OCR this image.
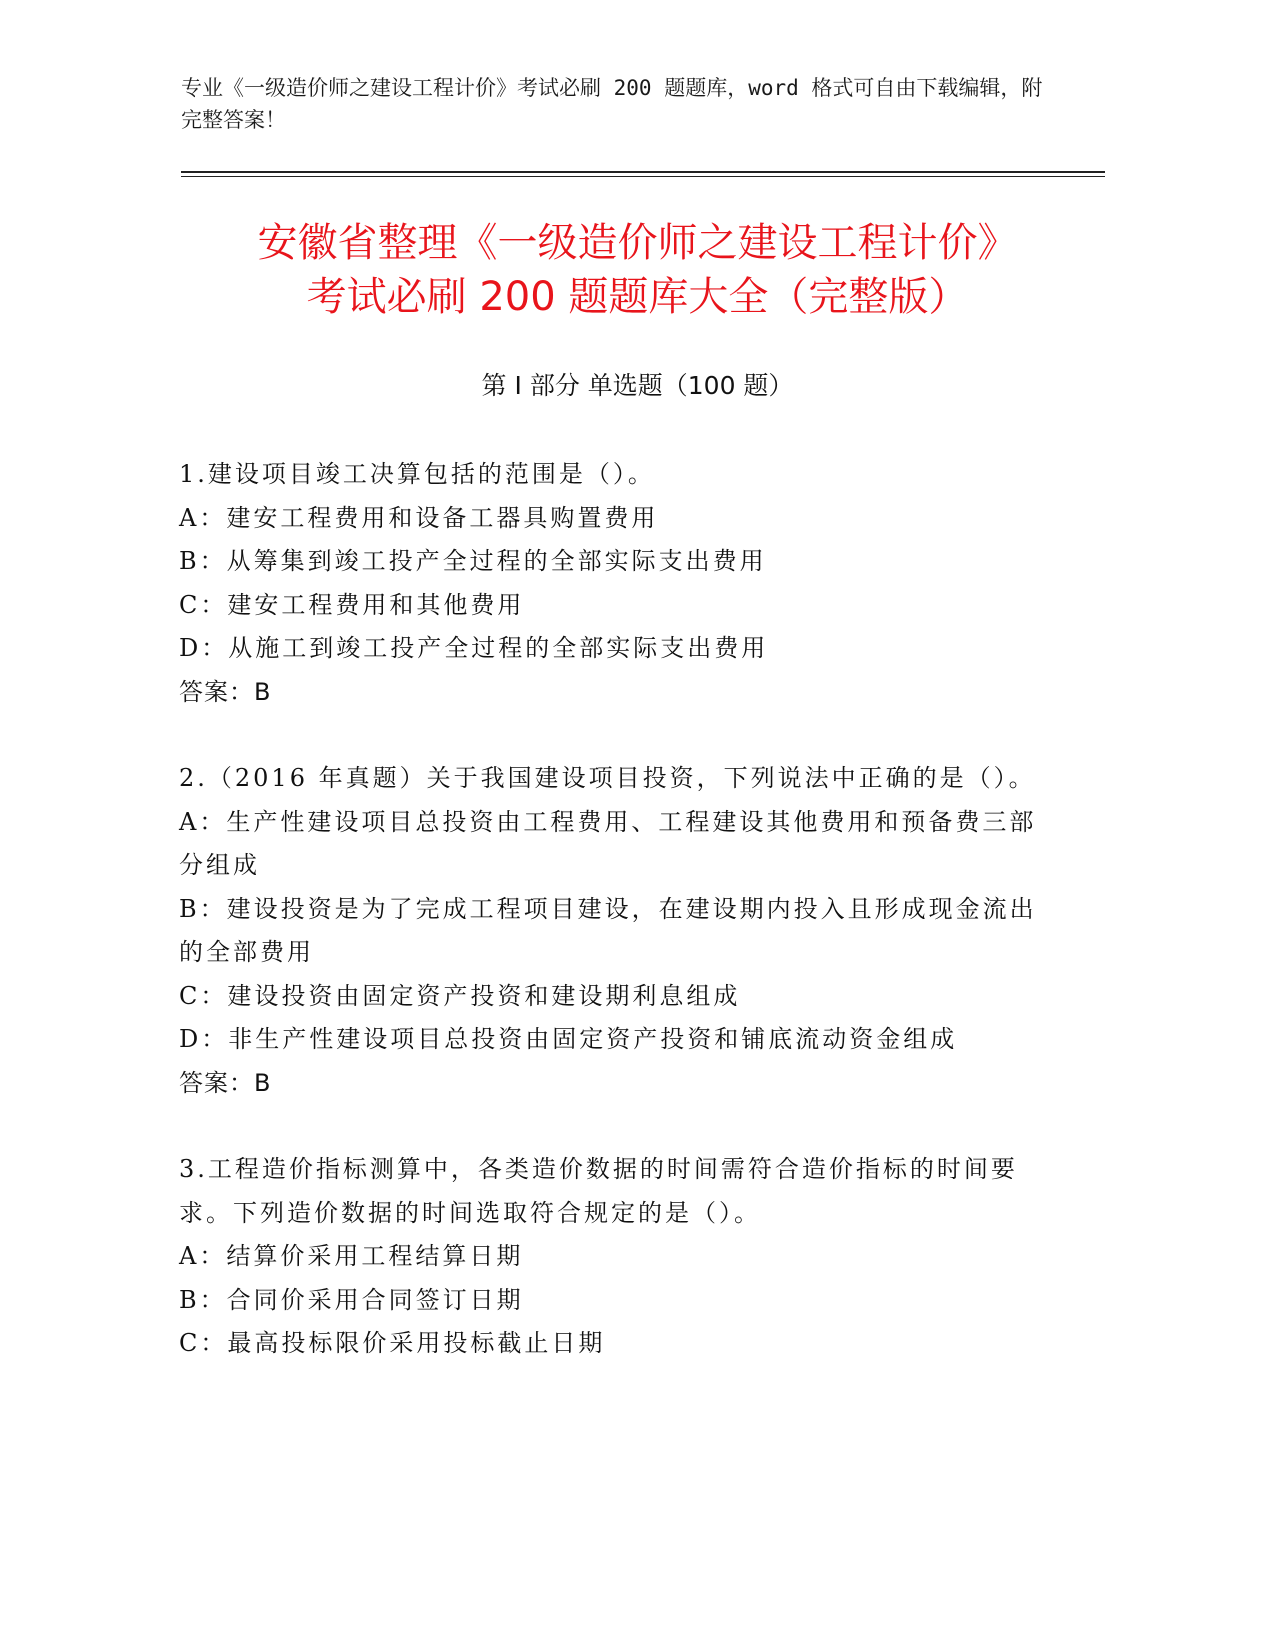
专业《一级造价师之建设工程计价》考试必刷 200 题题库，word 格式可自由下载编辑，附完整答案！
安徽省整理《一级造价师之建设工程计价》
考试必刷 200 题题库大全（完整版）
第 I 部分 单选题（100 题）
1.建设项目竣工决算包括的范围是（）。
A：建安工程费用和设备工器具购置费用
B：从筹集到竣工投产全过程的全部实际支出费用
C：建安工程费用和其他费用
D：从施工到竣工投产全过程的全部实际支出费用
答案：B
2.（2016 年真题）关于我国建设项目投资，下列说法中正确的是（）。
A：生产性建设项目总投资由工程费用、工程建设其他费用和预备费三部分组成
B：建设投资是为了完成工程项目建设，在建设期内投入且形成现金流出的全部费用
C：建设投资由固定资产投资和建设期利息组成
D：非生产性建设项目总投资由固定资产投资和铺底流动资金组成
答案：B
3.工程造价指标测算中，各类造价数据的时间需符合造价指标的时间要求。下列造价数据的时间选取符合规定的是（）。
A：结算价采用工程结算日期
B：合同价采用合同签订日期
C：最高投标限价采用投标截止日期
